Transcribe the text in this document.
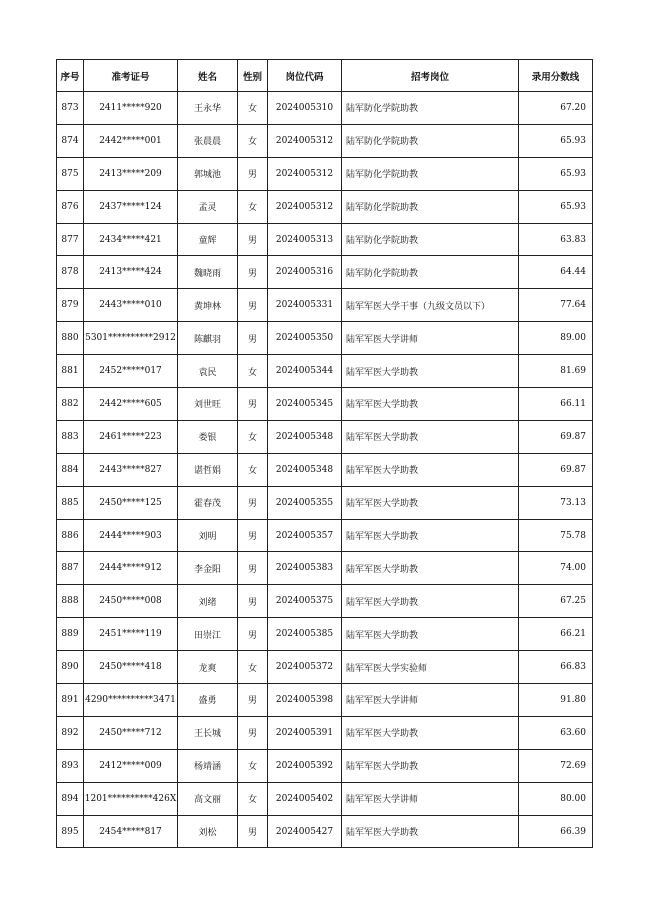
序号	准考证号	姓名	性别	岗位代码	招考岗位	录用分数线
873	2411*****920	王永华	女	2024005310	陆军防化学院助教	67.20
874	2442*****001	张晨晨	女	2024005312	陆军防化学院助教	65.93
875	2413*****209	郭城池	男	2024005312	陆军防化学院助教	65.93
876	2437*****124	孟灵	女	2024005312	陆军防化学院助教	65.93
877	2434*****421	童辉	男	2024005313	陆军防化学院助教	63.83
878	2413*****424	魏晓雨	男	2024005316	陆军防化学院助教	64.44
879	2443*****010	黄坤林	男	2024005331	陆军军医大学干事（九级文员以下）	77.64
880	5301**********2912	陈麒羽	男	2024005350	陆军军医大学讲师	89.00
881	2452*****017	袁民	女	2024005344	陆军军医大学助教	81.69
882	2442*****605	刘世旺	男	2024005345	陆军军医大学助教	66.11
883	2461*****223	娄银	女	2024005348	陆军军医大学助教	69.87
884	2443*****827	谌哲娟	女	2024005348	陆军军医大学助教	69.87
885	2450*****125	霍春茂	男	2024005355	陆军军医大学助教	73.13
886	2444*****903	刘明	男	2024005357	陆军军医大学助教	75.78
887	2444*****912	李金阳	男	2024005383	陆军军医大学助教	74.00
888	2450*****008	刘绪	男	2024005375	陆军军医大学助教	67.25
889	2451*****119	田崇江	男	2024005385	陆军军医大学助教	66.21
890	2450*****418	龙爽	女	2024005372	陆军军医大学实验师	66.83
891	4290**********3471	盛勇	男	2024005398	陆军军医大学讲师	91.80
892	2450*****712	王长城	男	2024005391	陆军军医大学助教	63.60
893	2412*****009	杨靖涵	女	2024005392	陆军军医大学助教	72.69
894	1201**********426X	高文丽	女	2024005402	陆军军医大学讲师	80.00
895	2454*****817	刘松	男	2024005427	陆军军医大学助教	66.39
